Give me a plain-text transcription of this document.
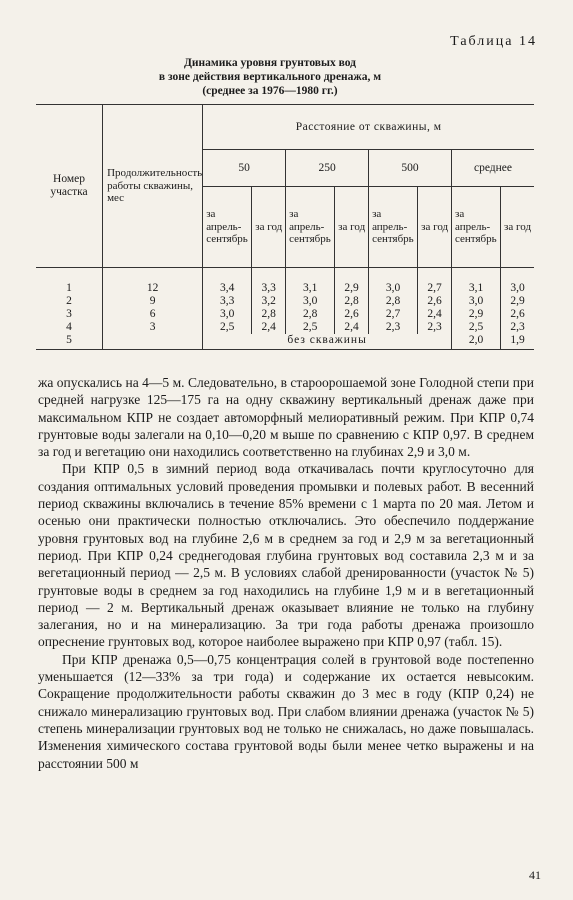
Таблица 14
Динамика уровня грунтовых вод
в зоне действия вертикального дренажа, м
(среднее за 1976—1980 гг.)
Номер участка	Продолжительность работы скважины, мес	Расстояние от скважины, м							
		50		250		500		среднее	
		за апрель-сентябрь	за год	за апрель-сентябрь	за год	за апрель-сентябрь	за год	за апрель-сентябрь	за год
1	12	3,4	3,3	3,1	2,9	3,0	2,7	3,1	3,0
2	9	3,3	3,2	3,0	2,8	2,8	2,6	3,0	2,9
3	6	3,0	2,8	2,8	2,6	2,7	2,4	2,9	2,6
4	3	2,5	2,4	2,5	2,4	2,3	2,3	2,5	2,3
5		без скважины						2,0	1,9

жа опускались на 4—5 м. Следовательно, в староорошаемой зоне Голодной степи при средней нагрузке 125—175 га на одну скважину вертикальный дренаж даже при максимальном КПР не создает автоморфный мелиоративный режим. При КПР 0,74 грунтовые воды залегали на 0,10—0,20 м выше по сравнению с КПР 0,97. В среднем за год и вегетацию они находились соответственно на глубинах 2,9 и 3,0 м.

При КПР 0,5 в зимний период вода откачивалась почти круглосуточно для создания оптимальных условий проведения промывки и полевых работ. В весенний период скважины включались в течение 85% времени с 1 марта по 20 мая. Летом и осенью они практически полностью отключались. Это обеспечило поддержание уровня грунтовых вод на глубине 2,6 м в среднем за год и 2,9 м за вегетационный период. При КПР 0,24 среднегодовая глубина грунтовых вод составила 2,3 м и за вегетационный период — 2,5 м. В условиях слабой дренированности (участок № 5) грунтовые воды в среднем за год находились на глубине 1,9 м и в вегетационный период — 2 м. Вертикальный дренаж оказывает влияние не только на глубину залегания, но и на минерализацию. За три года работы дренажа произошло опреснение грунтовых вод, которое наиболее выражено при КПР 0,97 (табл. 15).

При КПР дренажа 0,5—0,75 концентрация солей в грунтовой воде постепенно уменьшается (12—33% за три года) и содержание их остается невысоким. Сокращение продолжительности работы скважин до 3 мес в году (КПР 0,24) не снижало минерализацию грунтовых вод. При слабом влиянии дренажа (участок № 5) степень минерализации грунтовых вод не только не снижалась, но даже повышалась. Изменения химического состава грунтовой воды были менее четко выражены и на расстоянии 500 м

41
